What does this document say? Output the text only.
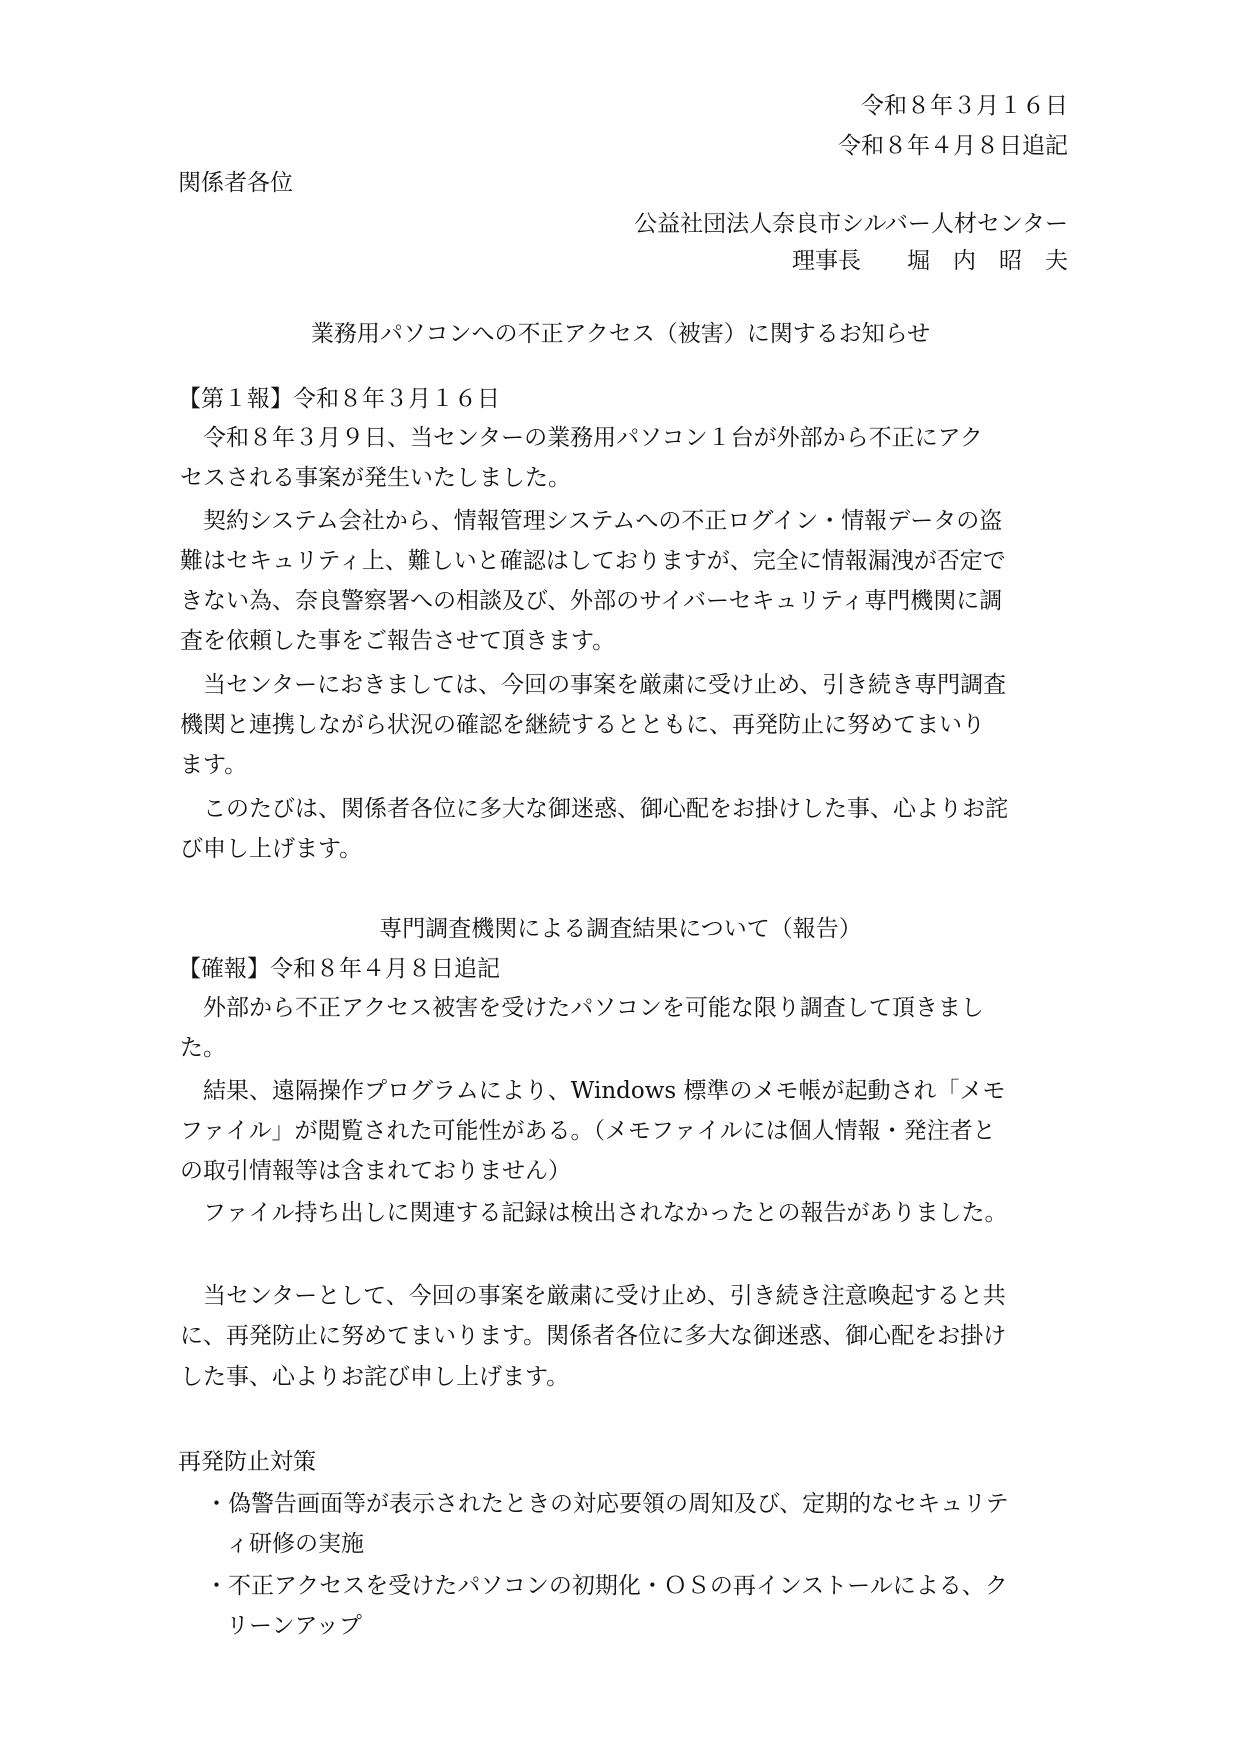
令和８年３月１６日
令和８年４月８日追記
関係者各位
公益社団法人奈良市シルバー人材センター
理事長　　堀　内　昭　夫
業務用パソコンへの不正アクセス（被害）に関するお知らせ
【第１報】令和８年３月１６日
令和８年３月９日、当センターの業務用パソコン１台が外部から不正にアク
セスされる事案が発生いたしました。
契約システム会社から、情報管理システムへの不正ログイン・情報データの盗
難はセキュリティ上、難しいと確認はしておりますが、完全に情報漏洩が否定で
きない為、奈良警察署への相談及び、外部のサイバーセキュリティ専門機関に調
査を依頼した事をご報告させて頂きます。
当センターにおきましては、今回の事案を厳粛に受け止め、引き続き専門調査
機関と連携しながら状況の確認を継続するとともに、再発防止に努めてまいり
ます。
このたびは、関係者各位に多大な御迷惑、御心配をお掛けした事、心よりお詫
び申し上げます。
専門調査機関による調査結果について（報告）
【確報】令和８年４月８日追記
外部から不正アクセス被害を受けたパソコンを可能な限り調査して頂きまし
た。
結果、遠隔操作プログラムにより、Windows 標準のメモ帳が起動され「メモ
ファイル」が閲覧された可能性がある。（メモファイルには個人情報・発注者と
の取引情報等は含まれておりません）
ファイル持ち出しに関連する記録は検出されなかったとの報告がありました。
当センターとして、今回の事案を厳粛に受け止め、引き続き注意喚起すると共
に、再発防止に努めてまいります。関係者各位に多大な御迷惑、御心配をお掛け
した事、心よりお詫び申し上げます。
再発防止対策
・偽警告画面等が表示されたときの対応要領の周知及び、定期的なセキュリテ
ィ研修の実施
・不正アクセスを受けたパソコンの初期化・ＯＳの再インストールによる、ク
リーンアップ
